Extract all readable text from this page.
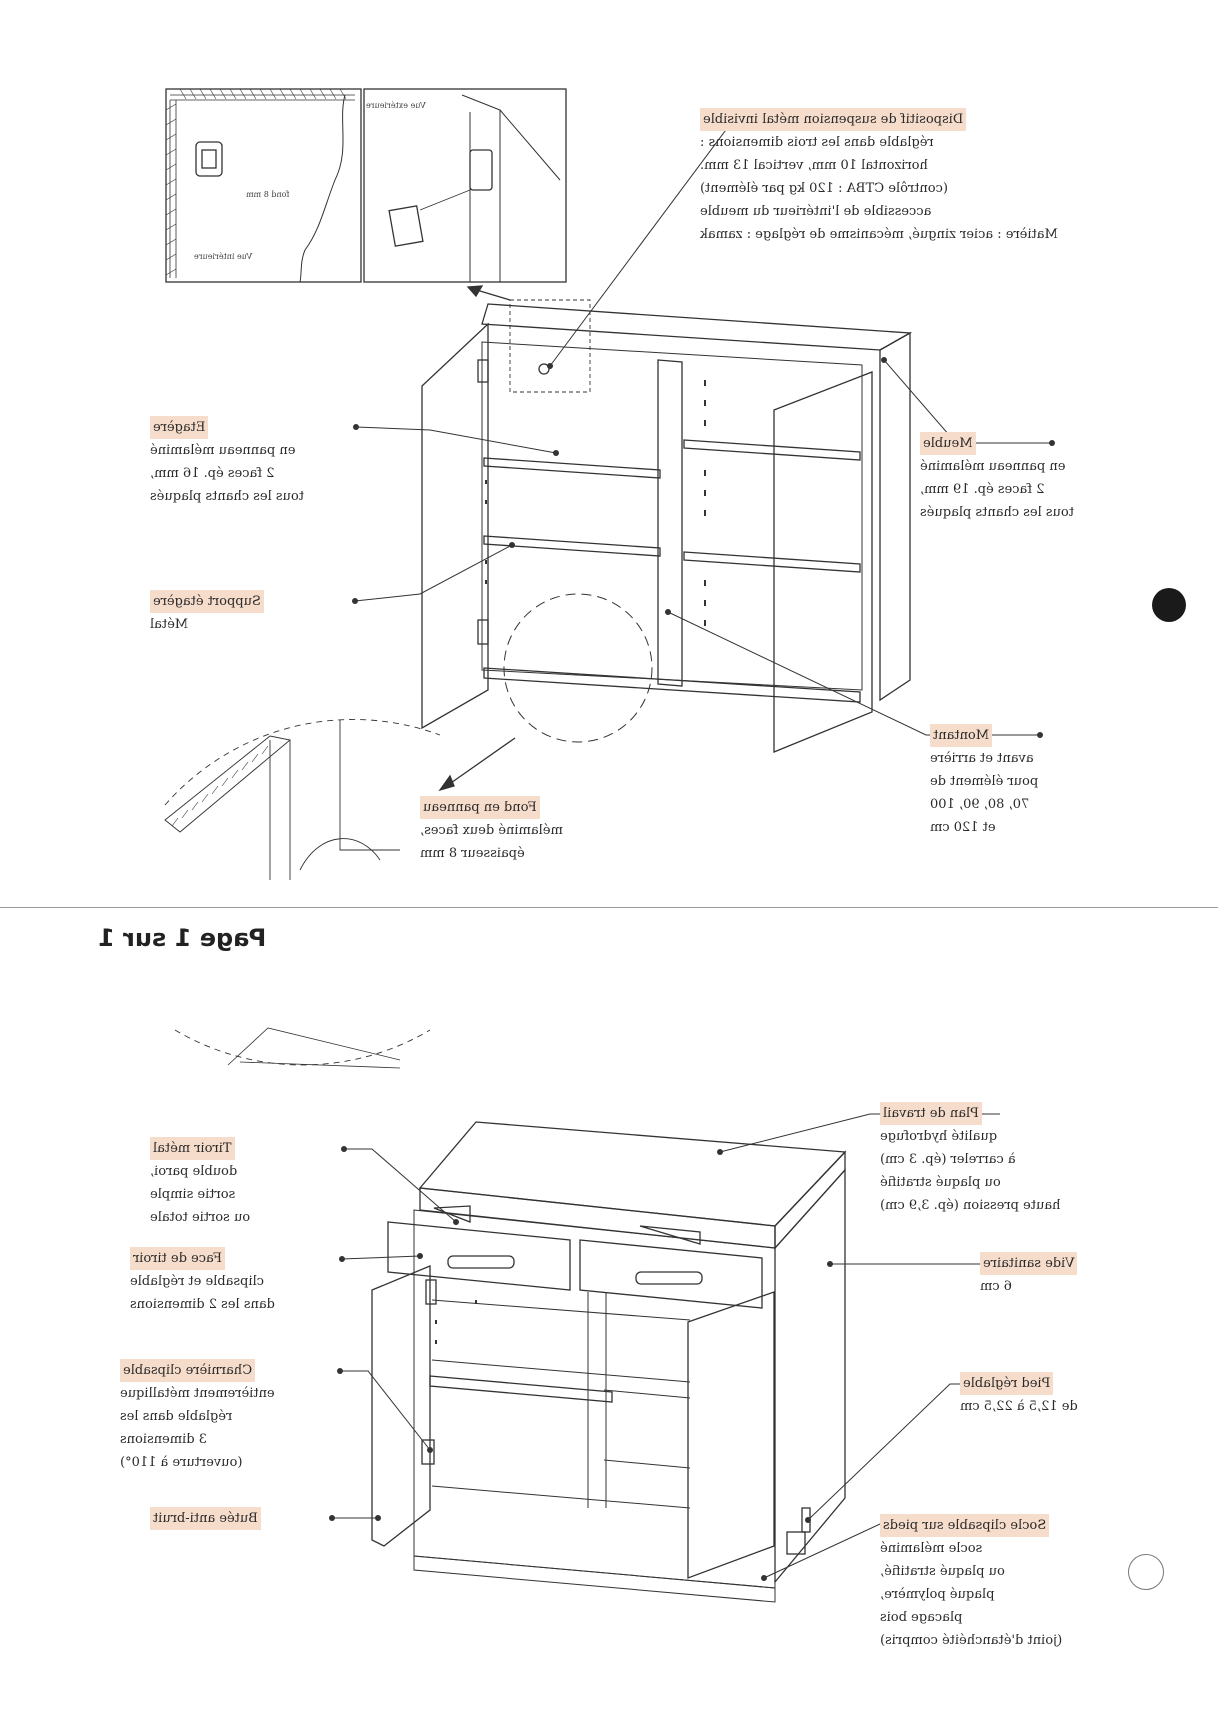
Vue extérieure
Vue intérieure
fond 8 mm
Dispositif de suspension métal invisible
réglable dans les trois dimensions :
horizontal 10 mm, vertical 13 mm.
(contrôle CTBA : 120 kg par élément)
accessible de l'intérieur du meuble
Matière : acier zingué, mécanisme de réglage : zamak
Etagère
en panneau mélaminé
2 faces ép. 16 mm,
tous les chants plaqués
Meuble
en panneau mélaminé
2 faces ép. 19 mm,
tous les chants plaqués
Support étagère
Métal
Montant
avant et arrière
pour élément de
70, 80, 90, 100
et 120 cm
Fond en panneau
mélaminé deux faces,
épaisseur 8 mm
Page 1 sur 1
Plan de travail
qualité hydrofuge
à carreler (ép. 3 cm)
ou plaqué stratifié
haute pression (ép. 3,9 cm)
Tiroir métal
double paroi,
sortie simple
ou sortie totale
Face de tiroir
clipsable et réglable
dans les 2 dimensions
Vide sanitaire
6 cm
Charnière clipsable
entièrement métallique
réglable dans les
3 dimensions
(ouverture à 110°)
Pied réglable
de 12,5 à 22,5 cm
Butée anti-bruit	Socle clipsable sur pieds
socle mélaminé
ou plaqué stratifié,
plaqué polymère,
placage bois
(joint d'étanchéité compris)
